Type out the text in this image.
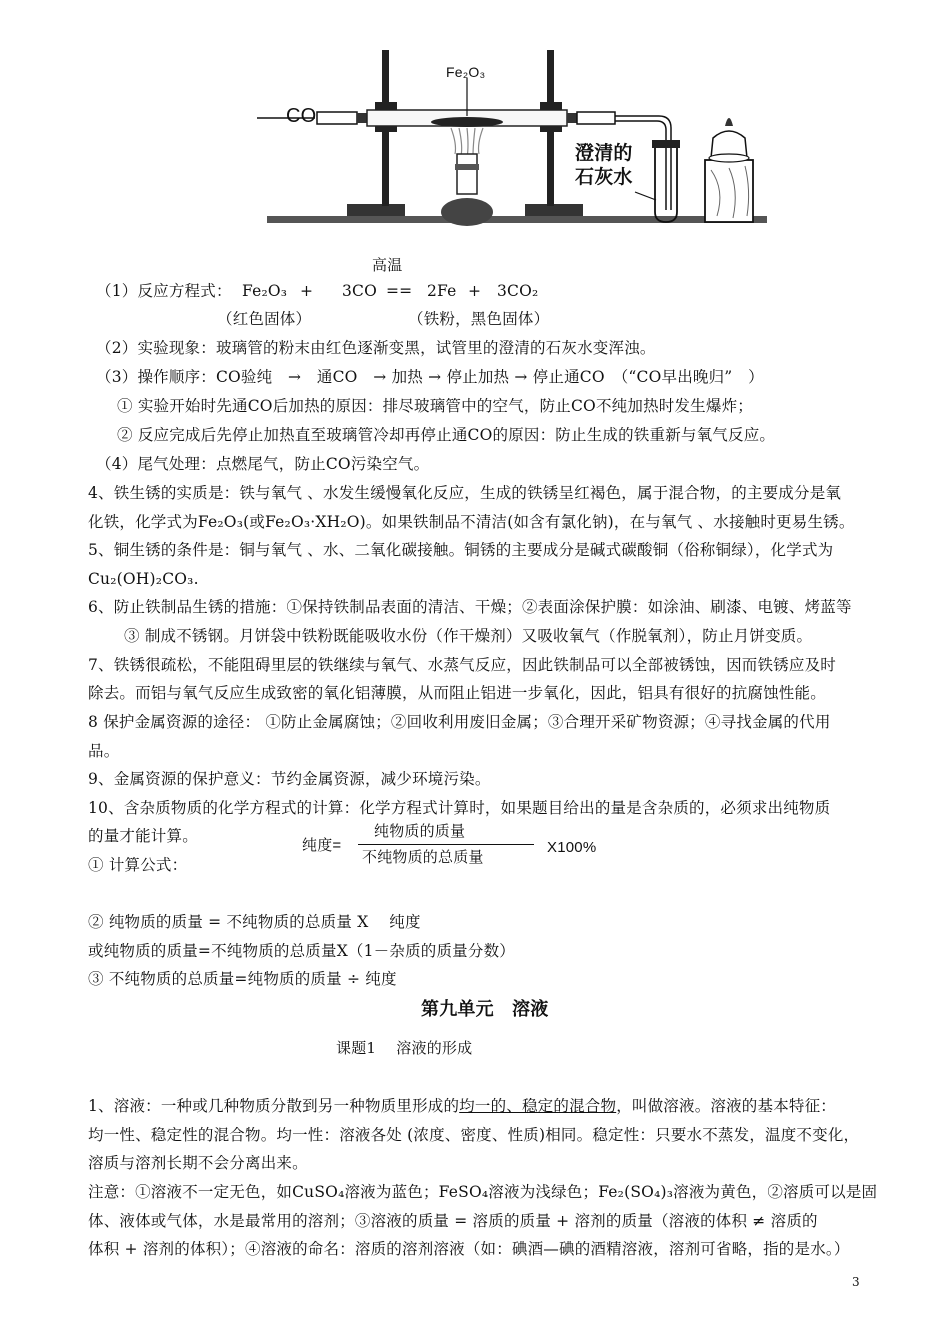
CO
Fe₂O₃
澄清的
石灰水
高温
（1）反应方程式： Fe₂O₃ + 3CO == 2Fe + 3CO₂
（红色固体）	（铁粉，黑色固体）
（2）实验现象：玻璃管的粉末由红色逐渐变黑，试管里的澄清的石灰水变浑浊。
（3）操作顺序：CO验纯　→　通CO　→ 加热 → 停止加热 → 停止通CO　（“CO早出晚归”　）
① 实验开始时先通CO后加热的原因：排尽玻璃管中的空气，防止CO不纯加热时发生爆炸；
② 反应完成后先停止加热直至玻璃管冷却再停止通CO的原因：防止生成的铁重新与氧气反应。
（4）尾气处理：点燃尾气，防止CO污染空气。
4、铁生锈的实质是：铁与氧气 、水发生缓慢氧化反应，生成的铁锈呈红褐色，属于混合物，的主要成分是氧
化铁，化学式为Fe₂O₃(或Fe₂O₃·XH₂O)。如果铁制品不清洁(如含有氯化钠)，在与氧气 、水接触时更易生锈。
5、铜生锈的条件是：铜与氧气 、水、二氧化碳接触。铜锈的主要成分是碱式碳酸铜（俗称铜绿），化学式为
Cu₂(OH)₂CO₃.
6、防止铁制品生锈的措施：①保持铁制品表面的清洁、干燥；②表面涂保护膜：如涂油、刷漆、电镀、烤蓝等
③ 制成不锈钢。月饼袋中铁粉既能吸收水份（作干燥剂）又吸收氧气（作脱氧剂），防止月饼变质。
7、铁锈很疏松，不能阻碍里层的铁继续与氧气、水蒸气反应，因此铁制品可以全部被锈蚀，因而铁锈应及时
除去。而铝与氧气反应生成致密的氧化铝薄膜，从而阻止铝进一步氧化，因此，铝具有很好的抗腐蚀性能。
8 保护金属资源的途径： ①防止金属腐蚀；②回收利用废旧金属；③合理开采矿物资源；④寻找金属的代用
品。
9、金属资源的保护意义：节约金属资源，减少环境污染。
10、含杂质物质的化学方程式的计算：化学方程式计算时，如果题目给出的量是含杂质的，必须求出纯物质
的量才能计算。
纯度=
纯物质的质量
不纯物质的总质量
X100%
① 计算公式：
② 纯物质的质量 = 不纯物质的总质量 X　 纯度
或纯物质的质量=不纯物质的总质量X（1－杂质的质量分数）
③ 不纯物质的总质量=纯物质的质量 ÷ 纯度
第九单元　溶液
课题1　 溶液的形成
1、溶液：一种或几种物质分散到另一种物质里形成的均一的、稳定的混合物，叫做溶液。溶液的基本特征：
均一性、稳定性的混合物。均一性：溶液各处 (浓度、密度、性质)相同。稳定性：只要水不蒸发，温度不变化，
溶质与溶剂长期不会分离出来。
注意：①溶液不一定无色，如CuSO₄溶液为蓝色；FeSO₄溶液为浅绿色；Fe₂(SO₄)₃溶液为黄色，②溶质可以是固
体、液体或气体，水是最常用的溶剂；③溶液的质量 = 溶质的质量 + 溶剂的质量（溶液的体积 ≠ 溶质的
体积 + 溶剂的体积）；④溶液的命名：溶质的溶剂溶液（如：碘酒—碘的酒精溶液，溶剂可省略，指的是水。）
3
